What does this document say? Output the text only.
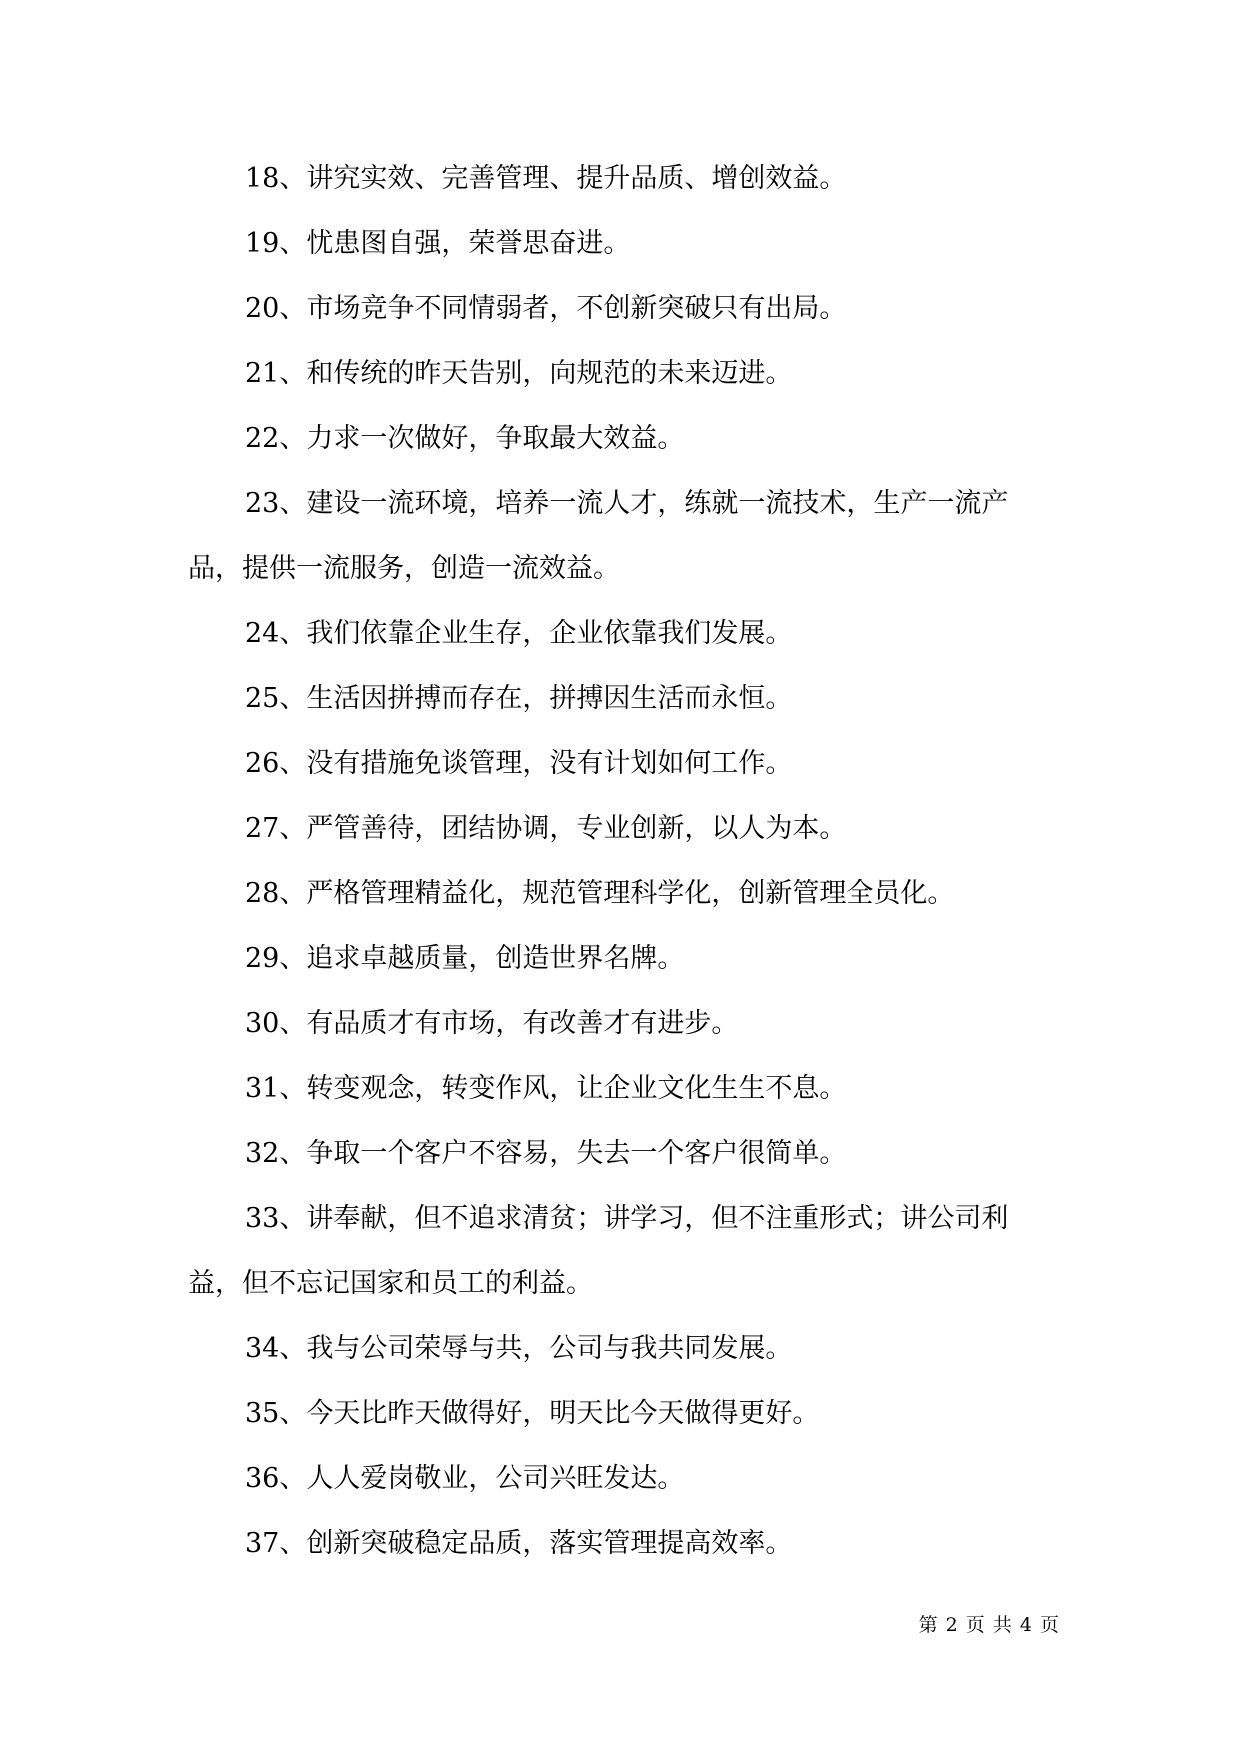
18、讲究实效、完善管理、提升品质、增创效益。

19、忧患图自强，荣誉思奋进。

20、市场竞争不同情弱者，不创新突破只有出局。

21、和传统的昨天告别，向规范的未来迈进。

22、力求一次做好，争取最大效益。

23、建设一流环境，培养一流人才，练就一流技术，生产一流产品，提供一流服务，创造一流效益。

24、我们依靠企业生存，企业依靠我们发展。

25、生活因拼搏而存在，拼搏因生活而永恒。

26、没有措施免谈管理，没有计划如何工作。

27、严管善待，团结协调，专业创新，以人为本。

28、严格管理精益化，规范管理科学化，创新管理全员化。

29、追求卓越质量，创造世界名牌。

30、有品质才有市场，有改善才有进步。

31、转变观念，转变作风，让企业文化生生不息。

32、争取一个客户不容易，失去一个客户很简单。

33、讲奉献，但不追求清贫；讲学习，但不注重形式；讲公司利益，但不忘记国家和员工的利益。

34、我与公司荣辱与共，公司与我共同发展。

35、今天比昨天做得好，明天比今天做得更好。

36、人人爱岗敬业，公司兴旺发达。

37、创新突破稳定品质，落实管理提高效率。

第 2 页 共 4 页
